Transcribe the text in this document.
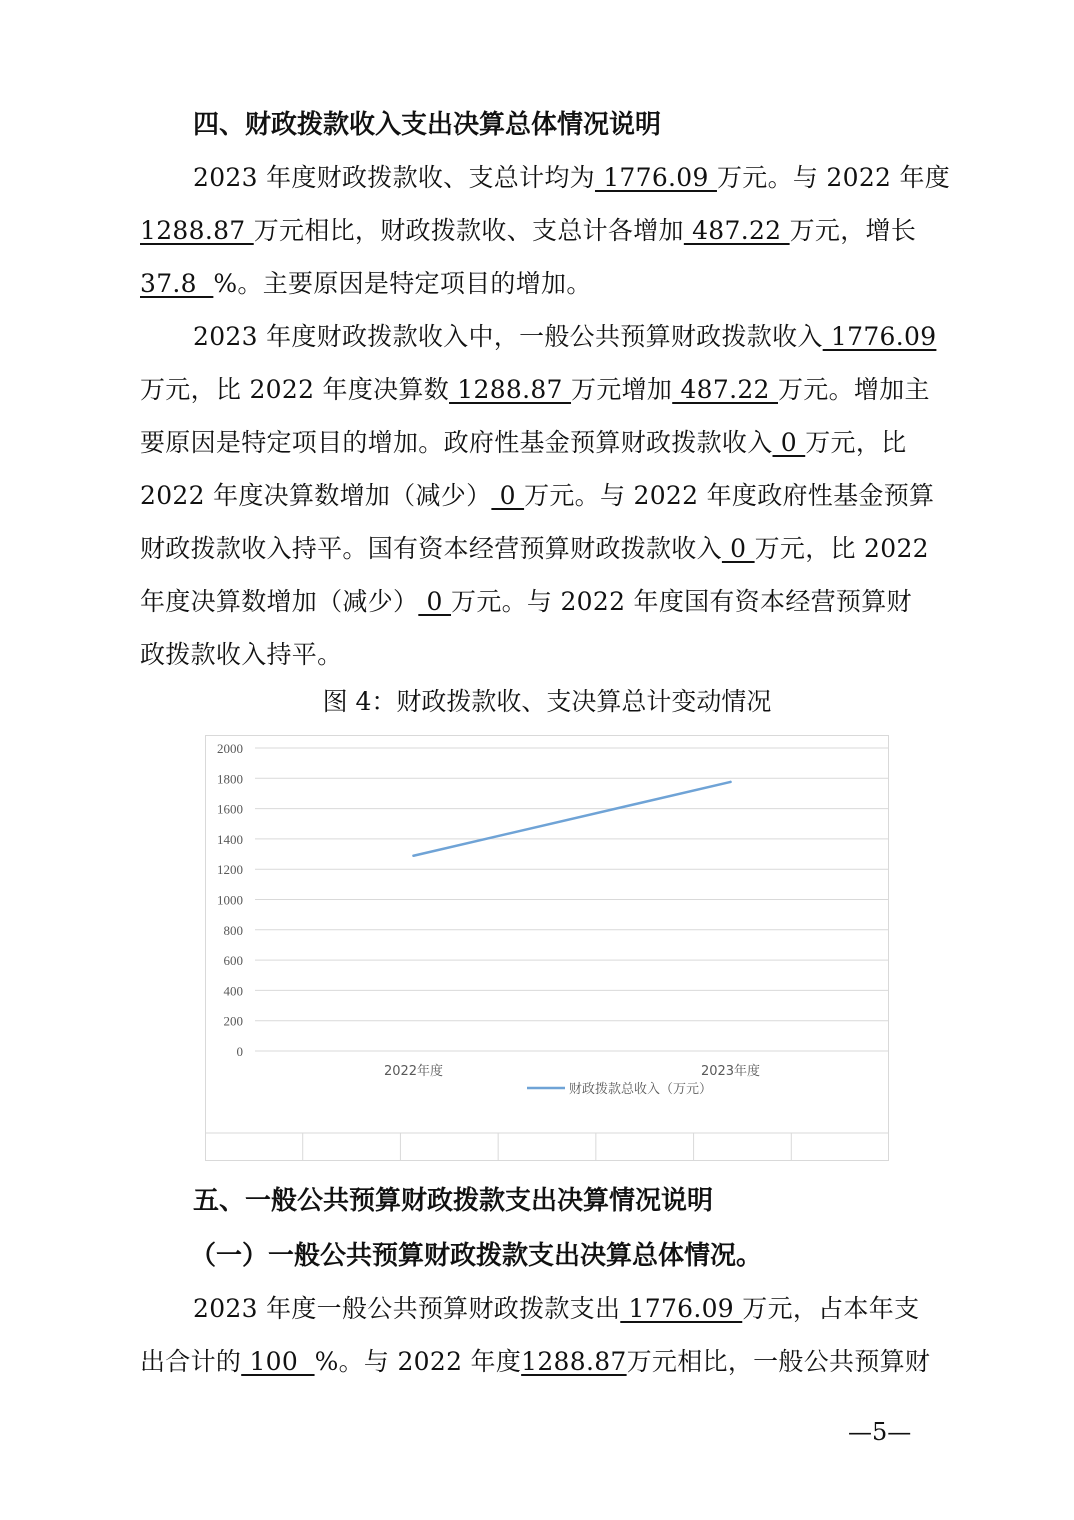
四、财政拨款收入支出决算总体情况说明
2023 年度财政拨款收、支总计均为 1776.09 万元。与 2022 年度
1288.87 万元相比，财政拨款收、支总计各增加 487.22 万元，增长
37.8  %。主要原因是特定项目的增加。
2023 年度财政拨款收入中，一般公共预算财政拨款收入 1776.09
万元，比 2022 年度决算数 1288.87 万元增加 487.22 万元。增加主
要原因是特定项目的增加。政府性基金预算财政拨款收入 0 万元，比
2022 年度决算数增加（减少） 0 万元。与 2022 年度政府性基金预算
财政拨款收入持平。国有资本经营预算财政拨款收入 0 万元，比 2022
年度决算数增加（减少） 0 万元。与 2022 年度国有资本经营预算财
政拨款收入持平。
图 4：财政拨款收、支决算总计变动情况
0
200
400
600
800
1000
1200
1400
1600
1800
2000
2022年度	2023年度
财政拨款总收入（万元）
五、一般公共预算财政拨款支出决算情况说明
（一）一般公共预算财政拨款支出决算总体情况。
2023 年度一般公共预算财政拨款支出 1776.09 万元，占本年支
出合计的 100  %。与 2022 年度1288.87万元相比，一般公共预算财
—5—
